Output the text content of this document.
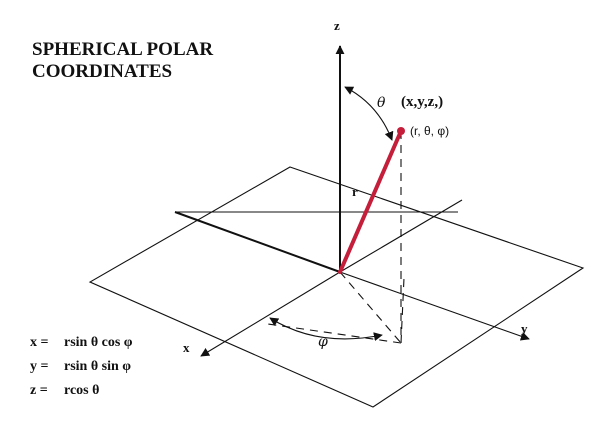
SPHERICAL POLAR
COORDINATES
z
x
y
r
θ
φ
(x,y,z,)
(r, θ, φ)
x = rsin θ cos φ
y = rsin θ sin φ
z = rcos θ
